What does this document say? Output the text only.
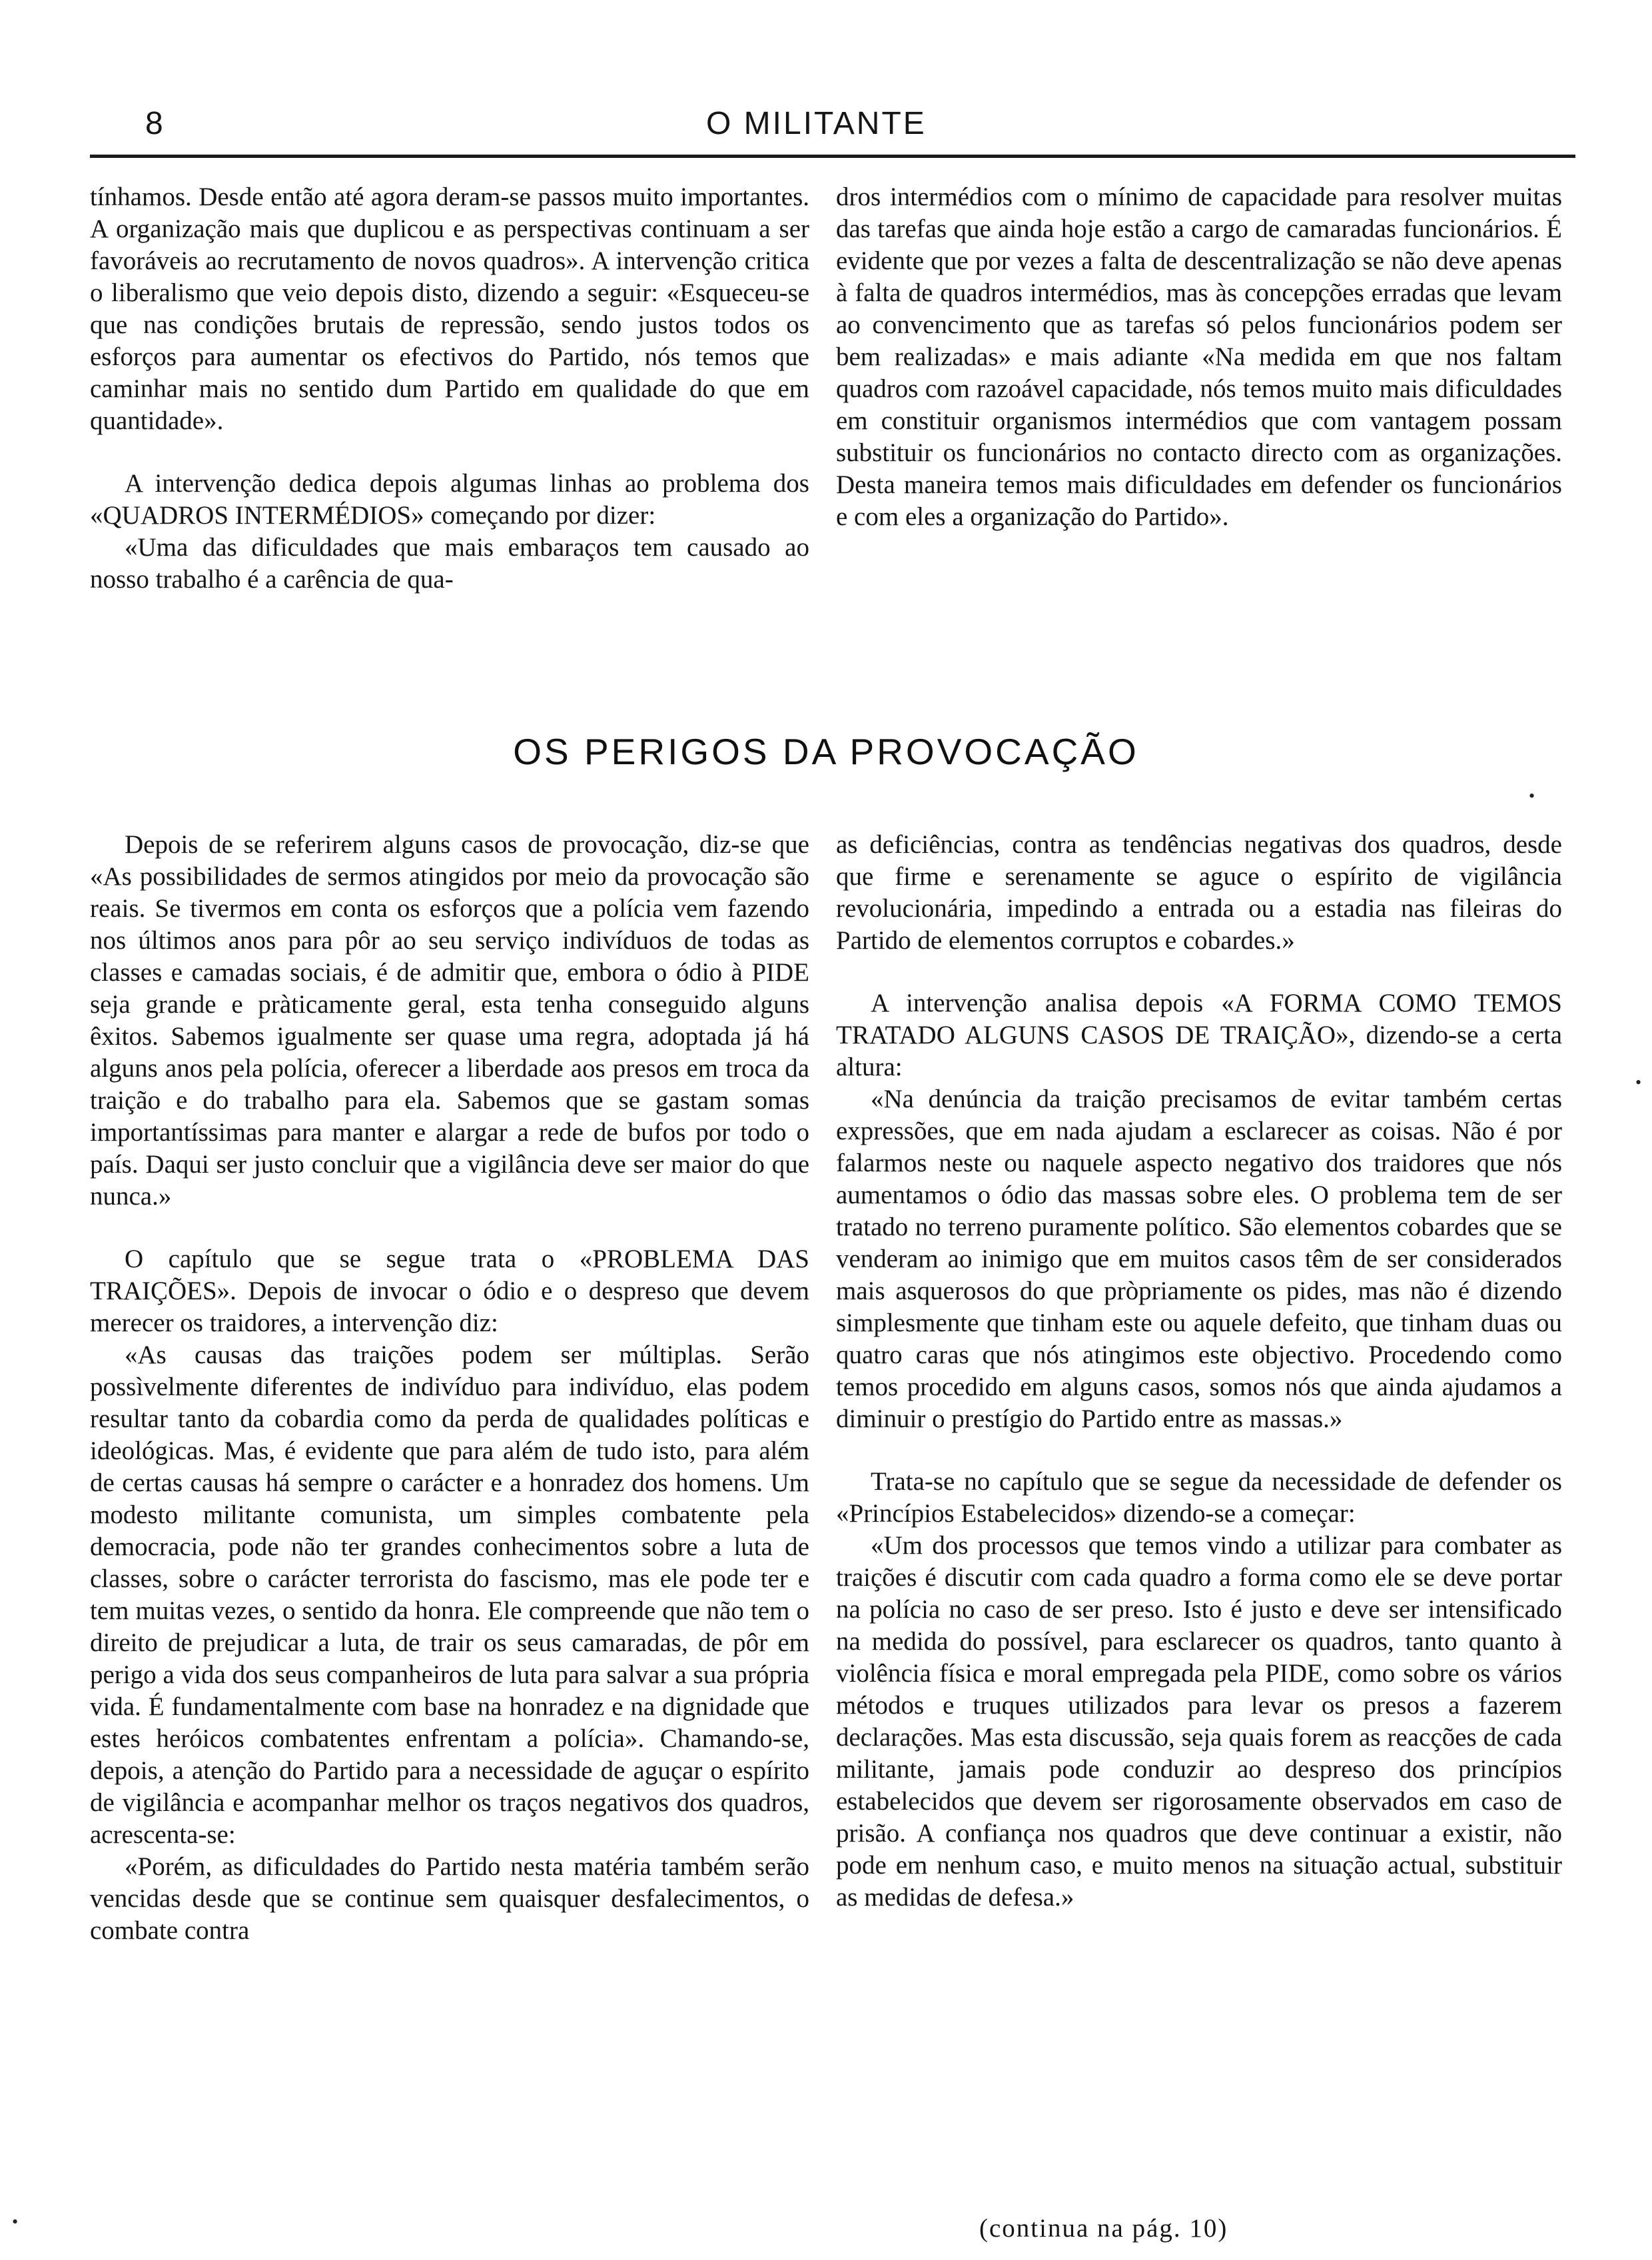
8	O MILITANTE

tínhamos. Desde então até agora deram-se passos muito importantes. A organização mais que duplicou e as perspectivas continuam a ser favoráveis ao recrutamento de novos quadros». A intervenção critica o liberalismo que veio depois disto, dizendo a seguir: «Esqueceu-se que nas condições brutais de repressão, sendo justos todos os esforços para aumentar os efectivos do Partido, nós temos que caminhar mais no sentido dum Partido em qualidade do que em quantidade».

A intervenção dedica depois algumas linhas ao problema dos «QUADROS INTERMÉDIOS» começando por dizer:

«Uma das dificuldades que mais embaraços tem causado ao nosso trabalho é a carência de qua-

dros intermédios com o mínimo de capacidade para resolver muitas das tarefas que ainda hoje estão a cargo de camaradas funcionários. É evidente que por vezes a falta de descentralização se não deve apenas à falta de quadros intermédios, mas às concepções erradas que levam ao convencimento que as tarefas só pelos funcionários podem ser bem realizadas» e mais adiante «Na medida em que nos faltam quadros com razoável capacidade, nós temos muito mais dificuldades em constituir organismos intermédios que com vantagem possam substituir os funcionários no contacto directo com as organizações. Desta maneira temos mais dificuldades em defender os funcionários e com eles a organização do Partido».

OS PERIGOS DA PROVOCAÇÃO

Depois de se referirem alguns casos de provocação, diz-se que «As possibilidades de sermos atingidos por meio da provocação são reais. Se tivermos em conta os esforços que a polícia vem fazendo nos últimos anos para pôr ao seu serviço indivíduos de todas as classes e camadas sociais, é de admitir que, embora o ódio à PIDE seja grande e pràticamente geral, esta tenha conseguido alguns êxitos. Sabemos igualmente ser quase uma regra, adoptada já há alguns anos pela polícia, oferecer a liberdade aos presos em troca da traição e do trabalho para ela. Sabemos que se gastam somas importantíssimas para manter e alargar a rede de bufos por todo o país. Daqui ser justo concluir que a vigilância deve ser maior do que nunca.»

O capítulo que se segue trata o «PROBLEMA DAS TRAIÇÕES». Depois de invocar o ódio e o despreso que devem merecer os traidores, a intervenção diz:

«As causas das traições podem ser múltiplas. Serão possìvelmente diferentes de indivíduo para indivíduo, elas podem resultar tanto da cobardia como da perda de qualidades políticas e ideológicas. Mas, é evidente que para além de tudo isto, para além de certas causas há sempre o carácter e a honradez dos homens. Um modesto militante comunista, um simples combatente pela democracia, pode não ter grandes conhecimentos sobre a luta de classes, sobre o carácter terrorista do fascismo, mas ele pode ter e tem muitas vezes, o sentido da honra. Ele compreende que não tem o direito de prejudicar a luta, de trair os seus camaradas, de pôr em perigo a vida dos seus companheiros de luta para salvar a sua própria vida. É fundamentalmente com base na honradez e na dignidade que estes heróicos combatentes enfrentam a polícia». Chamando-se, depois, a atenção do Partido para a necessidade de aguçar o espírito de vigilância e acompanhar melhor os traços negativos dos quadros, acrescenta-se:

«Porém, as dificuldades do Partido nesta matéria também serão vencidas desde que se continue sem quaisquer desfalecimentos, o combate contra

as deficiências, contra as tendências negativas dos quadros, desde que firme e serenamente se aguce o espírito de vigilância revolucionária, impedindo a entrada ou a estadia nas fileiras do Partido de elementos corruptos e cobardes.»

A intervenção analisa depois «A FORMA COMO TEMOS TRATADO ALGUNS CASOS DE TRAIÇÃO», dizendo-se a certa altura:

«Na denúncia da traição precisamos de evitar também certas expressões, que em nada ajudam a esclarecer as coisas. Não é por falarmos neste ou naquele aspecto negativo dos traidores que nós aumentamos o ódio das massas sobre eles. O problema tem de ser tratado no terreno puramente político. São elementos cobardes que se venderam ao inimigo que em muitos casos têm de ser considerados mais asquerosos do que pròpriamente os pides, mas não é dizendo simplesmente que tinham este ou aquele defeito, que tinham duas ou quatro caras que nós atingimos este objectivo. Procedendo como temos procedido em alguns casos, somos nós que ainda ajudamos a diminuir o prestígio do Partido entre as massas.»

Trata-se no capítulo que se segue da necessidade de defender os «Princípios Estabelecidos» dizendo-se a começar:

«Um dos processos que temos vindo a utilizar para combater as traições é discutir com cada quadro a forma como ele se deve portar na polícia no caso de ser preso. Isto é justo e deve ser intensificado na medida do possível, para esclarecer os quadros, tanto quanto à violência física e moral empregada pela PIDE, como sobre os vários métodos e truques utilizados para levar os presos a fazerem declarações. Mas esta discussão, seja quais forem as reacções de cada militante, jamais pode conduzir ao despreso dos princípios estabelecidos que devem ser rigorosamente observados em caso de prisão. A confiança nos quadros que deve continuar a existir, não pode em nenhum caso, e muito menos na situação actual, substituir as medidas de defesa.»

(continua na pág. 10)
•
•
•
